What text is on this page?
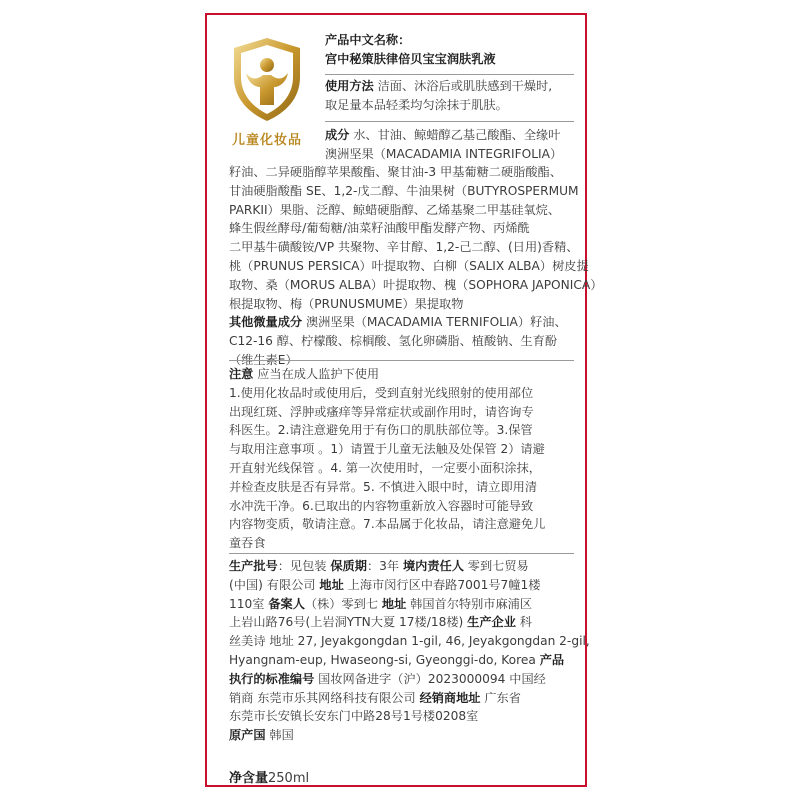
儿童化妆品
产品中文名称：
宫中秘策肤律倍贝宝宝润肤乳液
使用方法 洁面、沐浴后或肌肤感到干燥时,
取足量本品轻柔均匀涂抹于肌肤。
成分 水、甘油、鲸蜡醇乙基己酸酯、全缘叶
澳洲坚果（MACADAMIA INTEGRIFOLIA）
籽油、二异硬脂醇苹果酸酯、聚甘油-3 甲基葡糖二硬脂酸酯、
甘油硬脂酸酯 SE、1,2-戊二醇、牛油果树（BUTYROSPERMUM
PARKII）果脂、泛醇、鲸蜡硬脂醇、乙烯基聚二甲基硅氧烷、
蜂生假丝酵母/葡萄糖/油菜籽油酸甲酯发酵产物、丙烯酰
二甲基牛磺酸铵/VP 共聚物、辛甘醇、1,2-己二醇、(日用)香精、
桃（PRUNUS PERSICA）叶提取物、白柳（SALIX ALBA）树皮提
取物、桑（MORUS ALBA）叶提取物、槐（SOPHORA JAPONICA）
根提取物、梅（PRUNUSMUME）果提取物
其他微量成分 澳洲坚果（MACADAMIA TERNIFOLIA）籽油、
C12-16 醇、柠檬酸、棕榈酸、氢化卵磷脂、植酸钠、生育酚
（维生素E）
注意 应当在成人监护下使用
1.使用化妆品时或使用后，受到直射光线照射的使用部位
出现红斑、浮肿或瘙痒等异常症状或副作用时，请咨询专
科医生。2.请注意避免用于有伤口的肌肤部位等。3.保管
与取用注意事项 。1）请置于儿童无法触及处保管 2）请避
开直射光线保管 。4. 第一次使用时，一定要小面积涂抹，
并检查皮肤是否有异常。5. 不慎进入眼中时，请立即用清
水冲洗干净。6.已取出的内容物重新放入容器时可能导致
内容物变质，敬请注意。7.本品属于化妆品，请注意避免儿
童吞食
生产批号：见包装 保质期：3年 境内责任人 零到七贸易
(中国) 有限公司 地址 上海市闵行区中春路7001号7幢1楼
110室 备案人（株）零到七 地址 韩国首尔特别市麻浦区
上岩山路76号(上岩洞YTN大夏 17楼/18楼) 生产企业 科
丝美诗 地址 27, Jeyakgongdan 1-gil, 46, Jeyakgongdan 2-gil,
Hyangnam-eup, Hwaseong-si, Gyeonggi-do, Korea 产品
执行的标准编号 国妆网备进字（沪）2023000094 中国经
销商 东莞市乐其网络科技有限公司 经销商地址 广东省
东莞市长安镇长安东门中路28号1号楼0208室
原产国 韩国
净含量250ml
